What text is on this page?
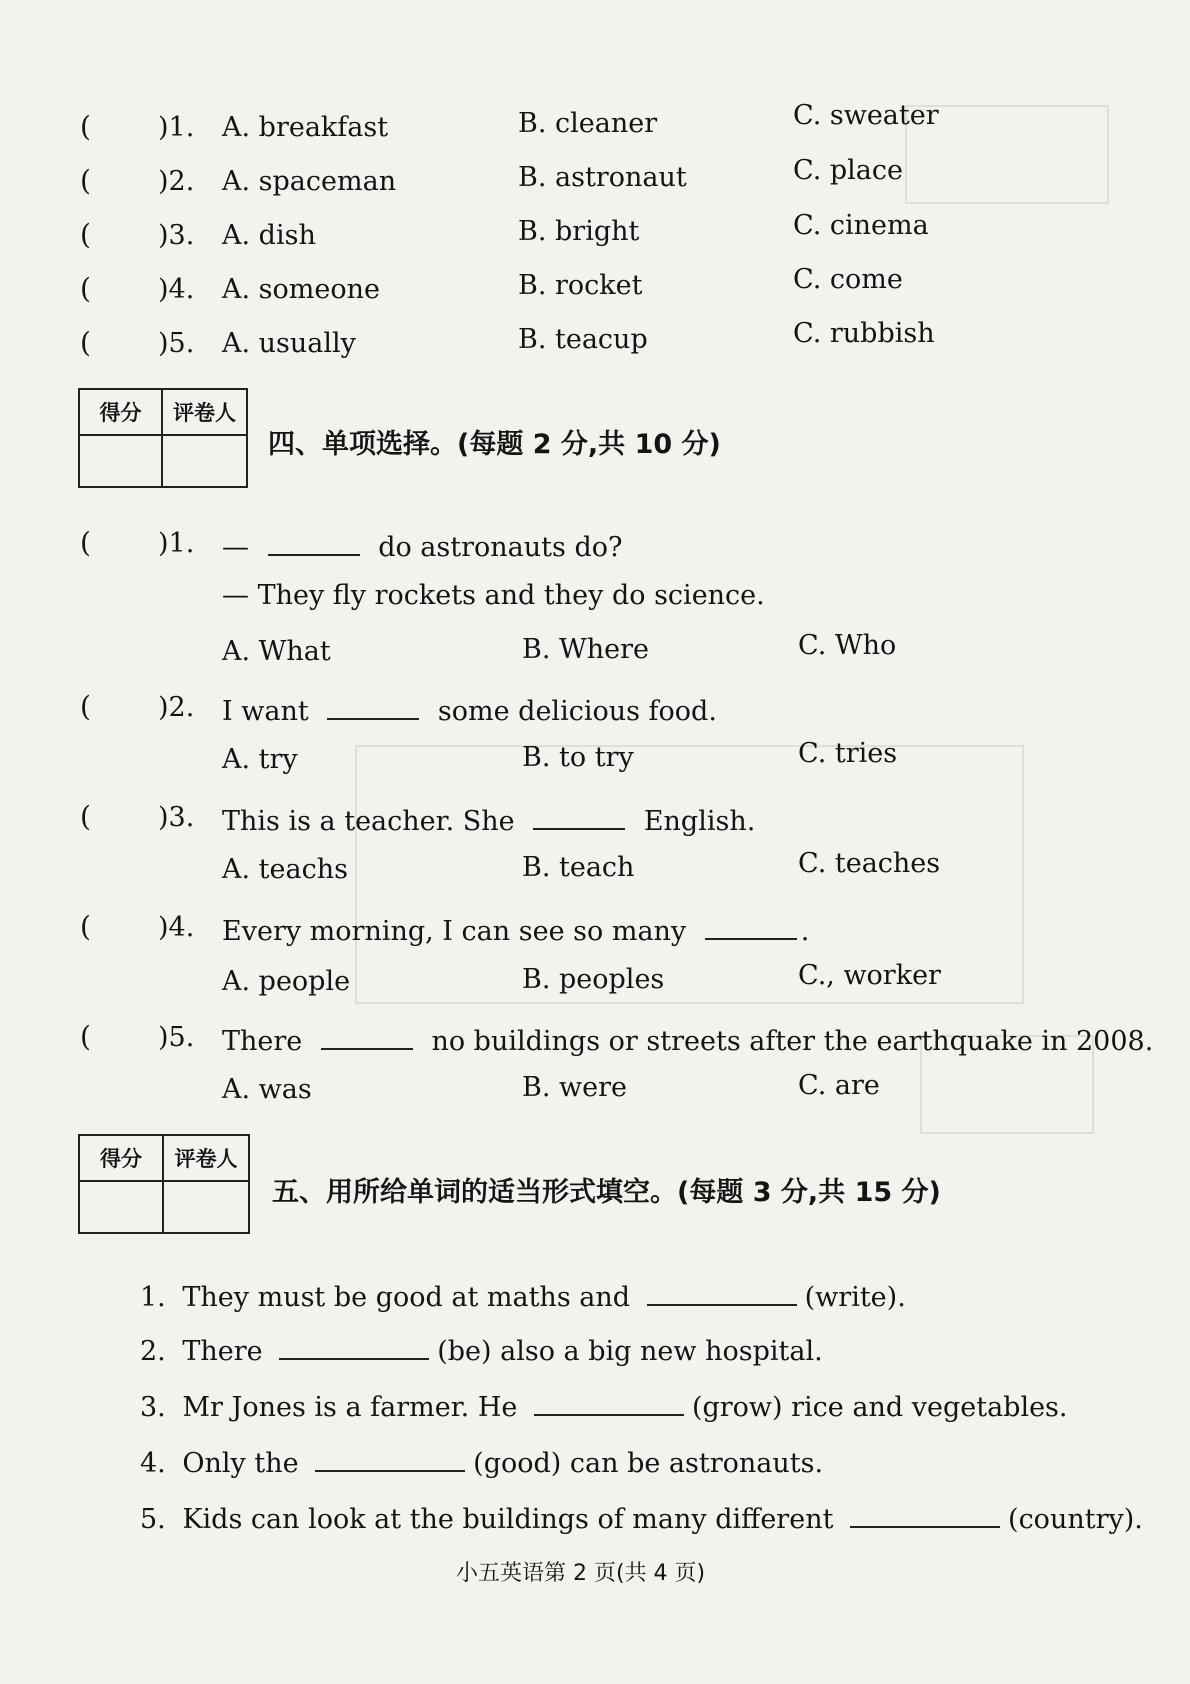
( )1. A. breakfast	B. cleaner	C. sweater
( )2. A. spaceman	B. astronaut	C. place
( )3. A. dish	B. bright	C. cinema
( )4. A. someone	B. rocket	C. come
( )5. A. usually	B. teacup	C. rubbish
得分	评卷人
四、单项选择。(每题 2 分,共 10 分)
( )1. —	do astronauts do?
— They fly rockets and they do science.
A. What	B. Where	C. Who
( )2. I want	some delicious food.
A. try	B. to try	C. tries
( )3. This is a teacher. She	English.
A. teachs	B. teach	C. teaches
( )4. Every morning, I can see so many	.
A. people	B. peoples	C., worker
( )5. There	no buildings or streets after the earthquake in 2008.
A. was	B. were	C. are
得分	评卷人
五、用所给单词的适当形式填空。(每题 3 分,共 15 分)
1. They must be good at maths and	(write).
2. There	(be) also a big new hospital.
3. Mr Jones is a farmer. He	(grow) rice and vegetables.
4. Only the	(good) can be astronauts.
5. Kids can look at the buildings of many different	(country).
小五英语第 2 页(共 4 页)
